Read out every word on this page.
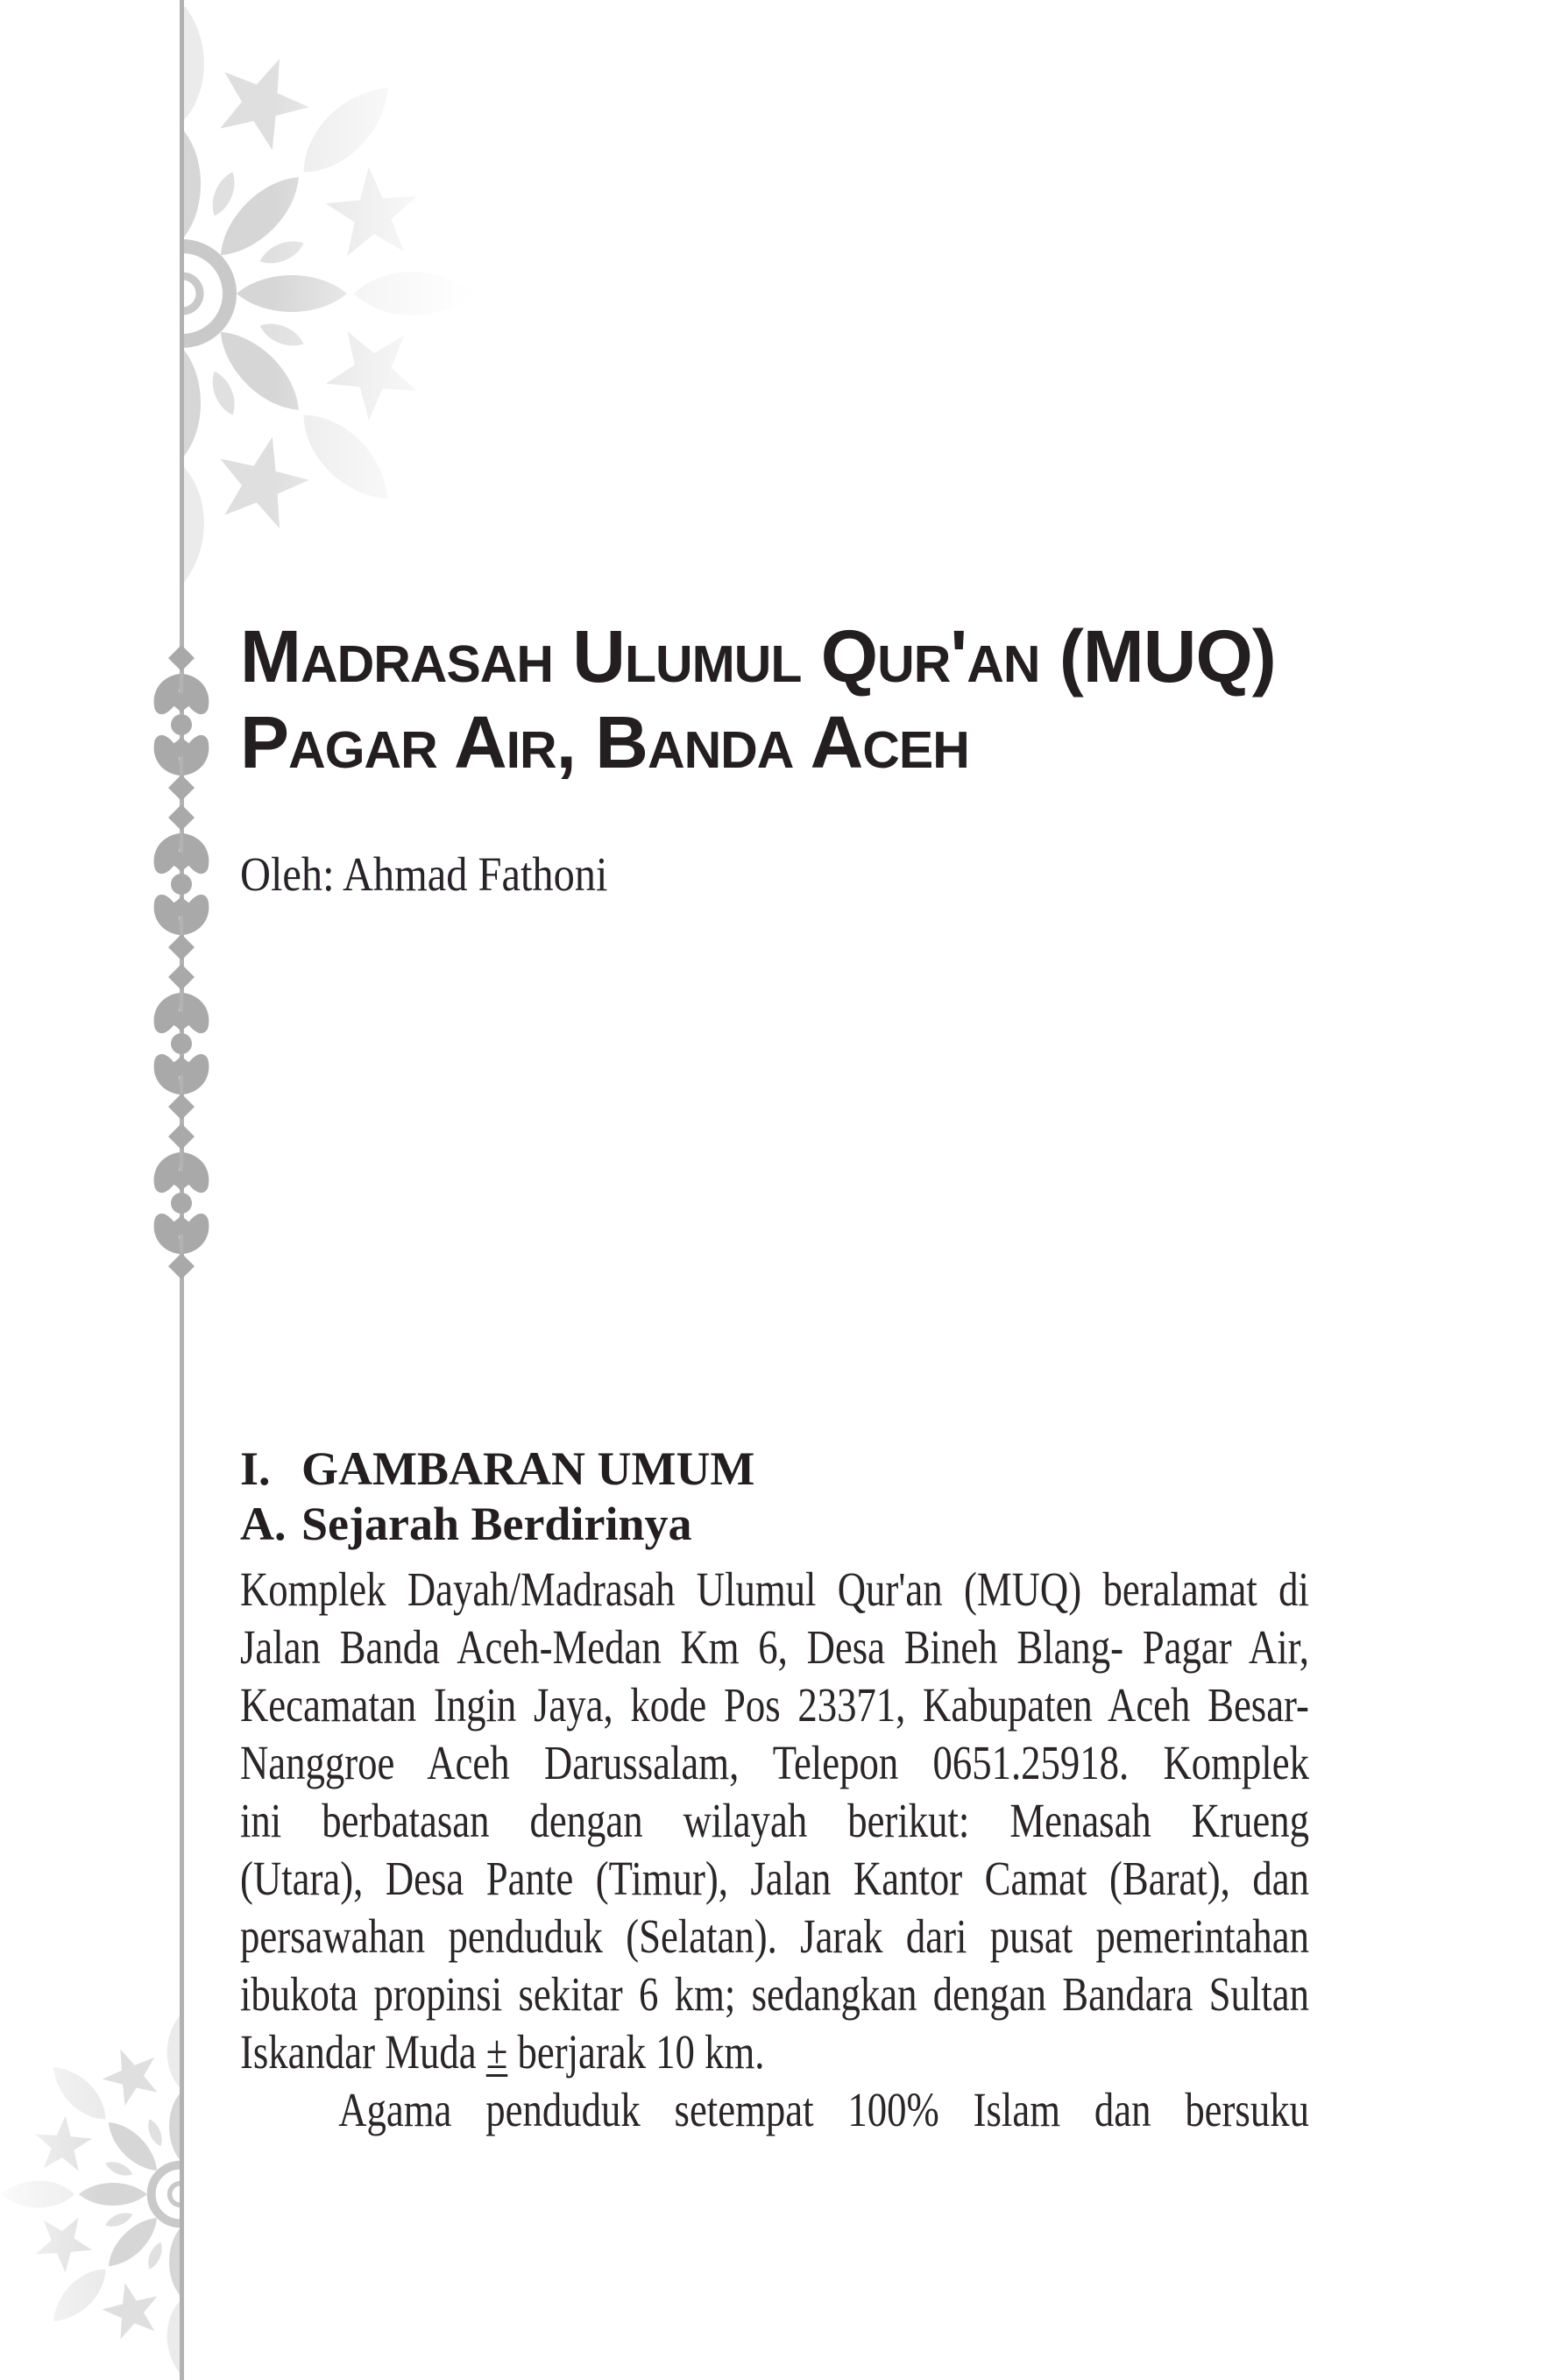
Madrasah Ulumul Qur'an (MUQ)
Pagar Air, Banda Aceh
Oleh: Ahmad Fathoni
I. GAMBARAN UMUM
A. Sejarah Berdirinya
Komplek Dayah/Madrasah Ulumul Qur'an (MUQ) beralamat di
Jalan Banda Aceh-Medan Km 6, Desa Bineh Blang- Pagar Air,
Kecamatan Ingin Jaya, kode Pos 23371, Kabupaten Aceh Besar-
Nanggroe Aceh Darussalam, Telepon 0651.25918. Komplek
ini berbatasan dengan wilayah berikut: Menasah Krueng
(Utara), Desa Pante (Timur), Jalan Kantor Camat (Barat), dan
persawahan penduduk (Selatan). Jarak dari pusat pemerintahan
ibukota propinsi sekitar 6 km; sedangkan dengan Bandara Sultan
Iskandar Muda ± berjarak 10 km.
Agama penduduk setempat 100% Islam dan bersuku
